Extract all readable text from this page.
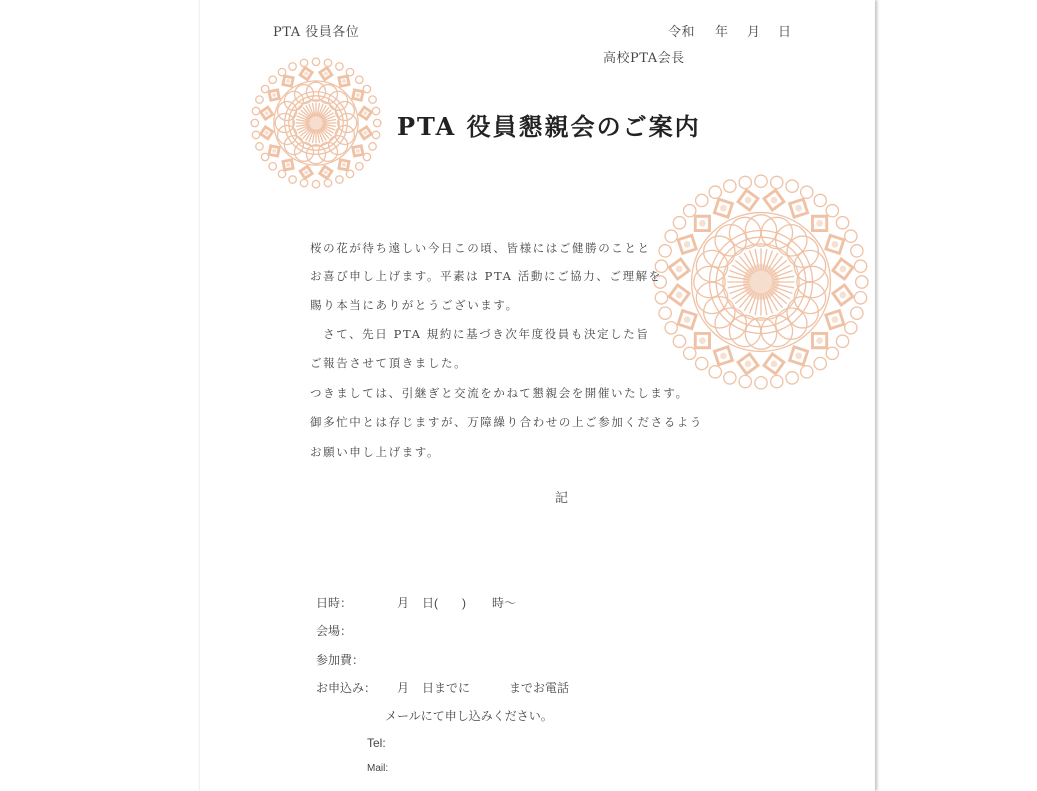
PTA 役員各位	令和 年 月 日
高校PTA会長
PTA 役員懇親会のご案内
桜の花が待ち遠しい今日この頃、皆様にはご健勝のことと
お喜び申し上げます。平素は PTA 活動にご協力、ご理解を
賜り本当にありがとうございます。
　さて、先日 PTA 規約に基づき次年度役員も決定した旨
ご報告させて頂きました。
つきましては、引継ぎと交流をかねて懇親会を開催いたします。
御多忙中とは存じますが、万障繰り合わせの上ご参加くださるよう
お願い申し上げます。
記
日時：	月 日(　　) 時〜
会場：
参加費：
お申込み： 月 日までに	までお電話
メールにて申し込みください。
Tel:
Mail:
